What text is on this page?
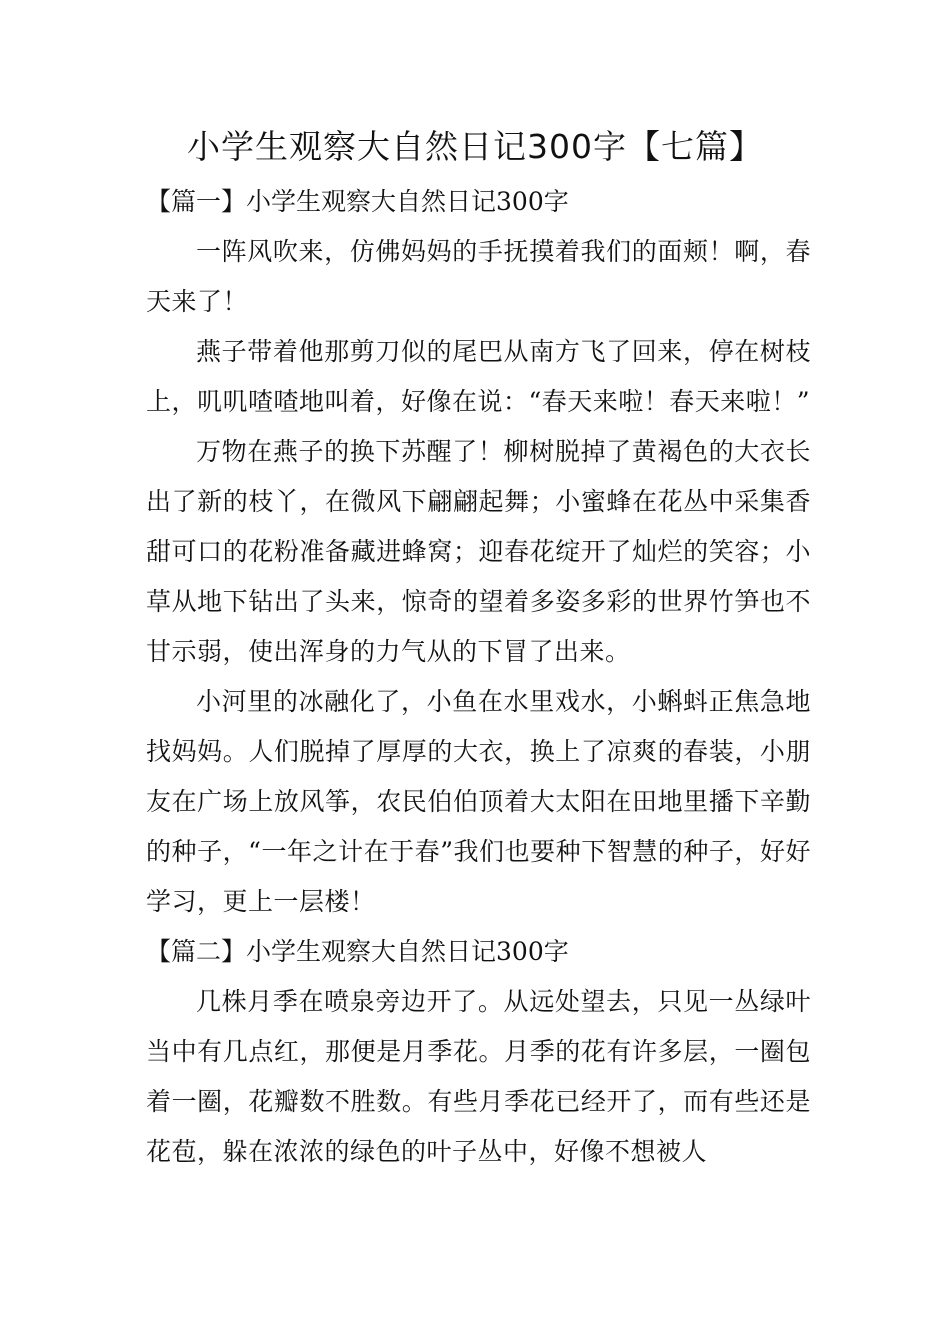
小学生观察大自然日记300字【七篇】
【篇一】小学生观察大自然日记300字

一阵风吹来，仿佛妈妈的手抚摸着我们的面颊！啊，春天来了！

燕子带着他那剪刀似的尾巴从南方飞了回来，停在树枝上，叽叽喳喳地叫着，好像在说：“春天来啦！春天来啦！”

万物在燕子的换下苏醒了！柳树脱掉了黄褐色的大衣长出了新的枝丫，在微风下翩翩起舞；小蜜蜂在花丛中采集香甜可口的花粉准备藏进蜂窝；迎春花绽开了灿烂的笑容；小草从地下钻出了头来，惊奇的望着多姿多彩的世界竹笋也不甘示弱，使出浑身的力气从的下冒了出来。

小河里的冰融化了，小鱼在水里戏水，小蝌蚪正焦急地找妈妈。人们脱掉了厚厚的大衣，换上了凉爽的春装，小朋友在广场上放风筝，农民伯伯顶着大太阳在田地里播下辛勤的种子，“一年之计在于春”我们也要种下智慧的种子，好好学习，更上一层楼！

【篇二】小学生观察大自然日记300字

几株月季在喷泉旁边开了。从远处望去，只见一丛绿叶当中有几点红，那便是月季花。月季的花有许多层，一圈包着一圈，花瓣数不胜数。有些月季花已经开了，而有些还是花苞，躲在浓浓的绿色的叶子丛中，好像不想被人
